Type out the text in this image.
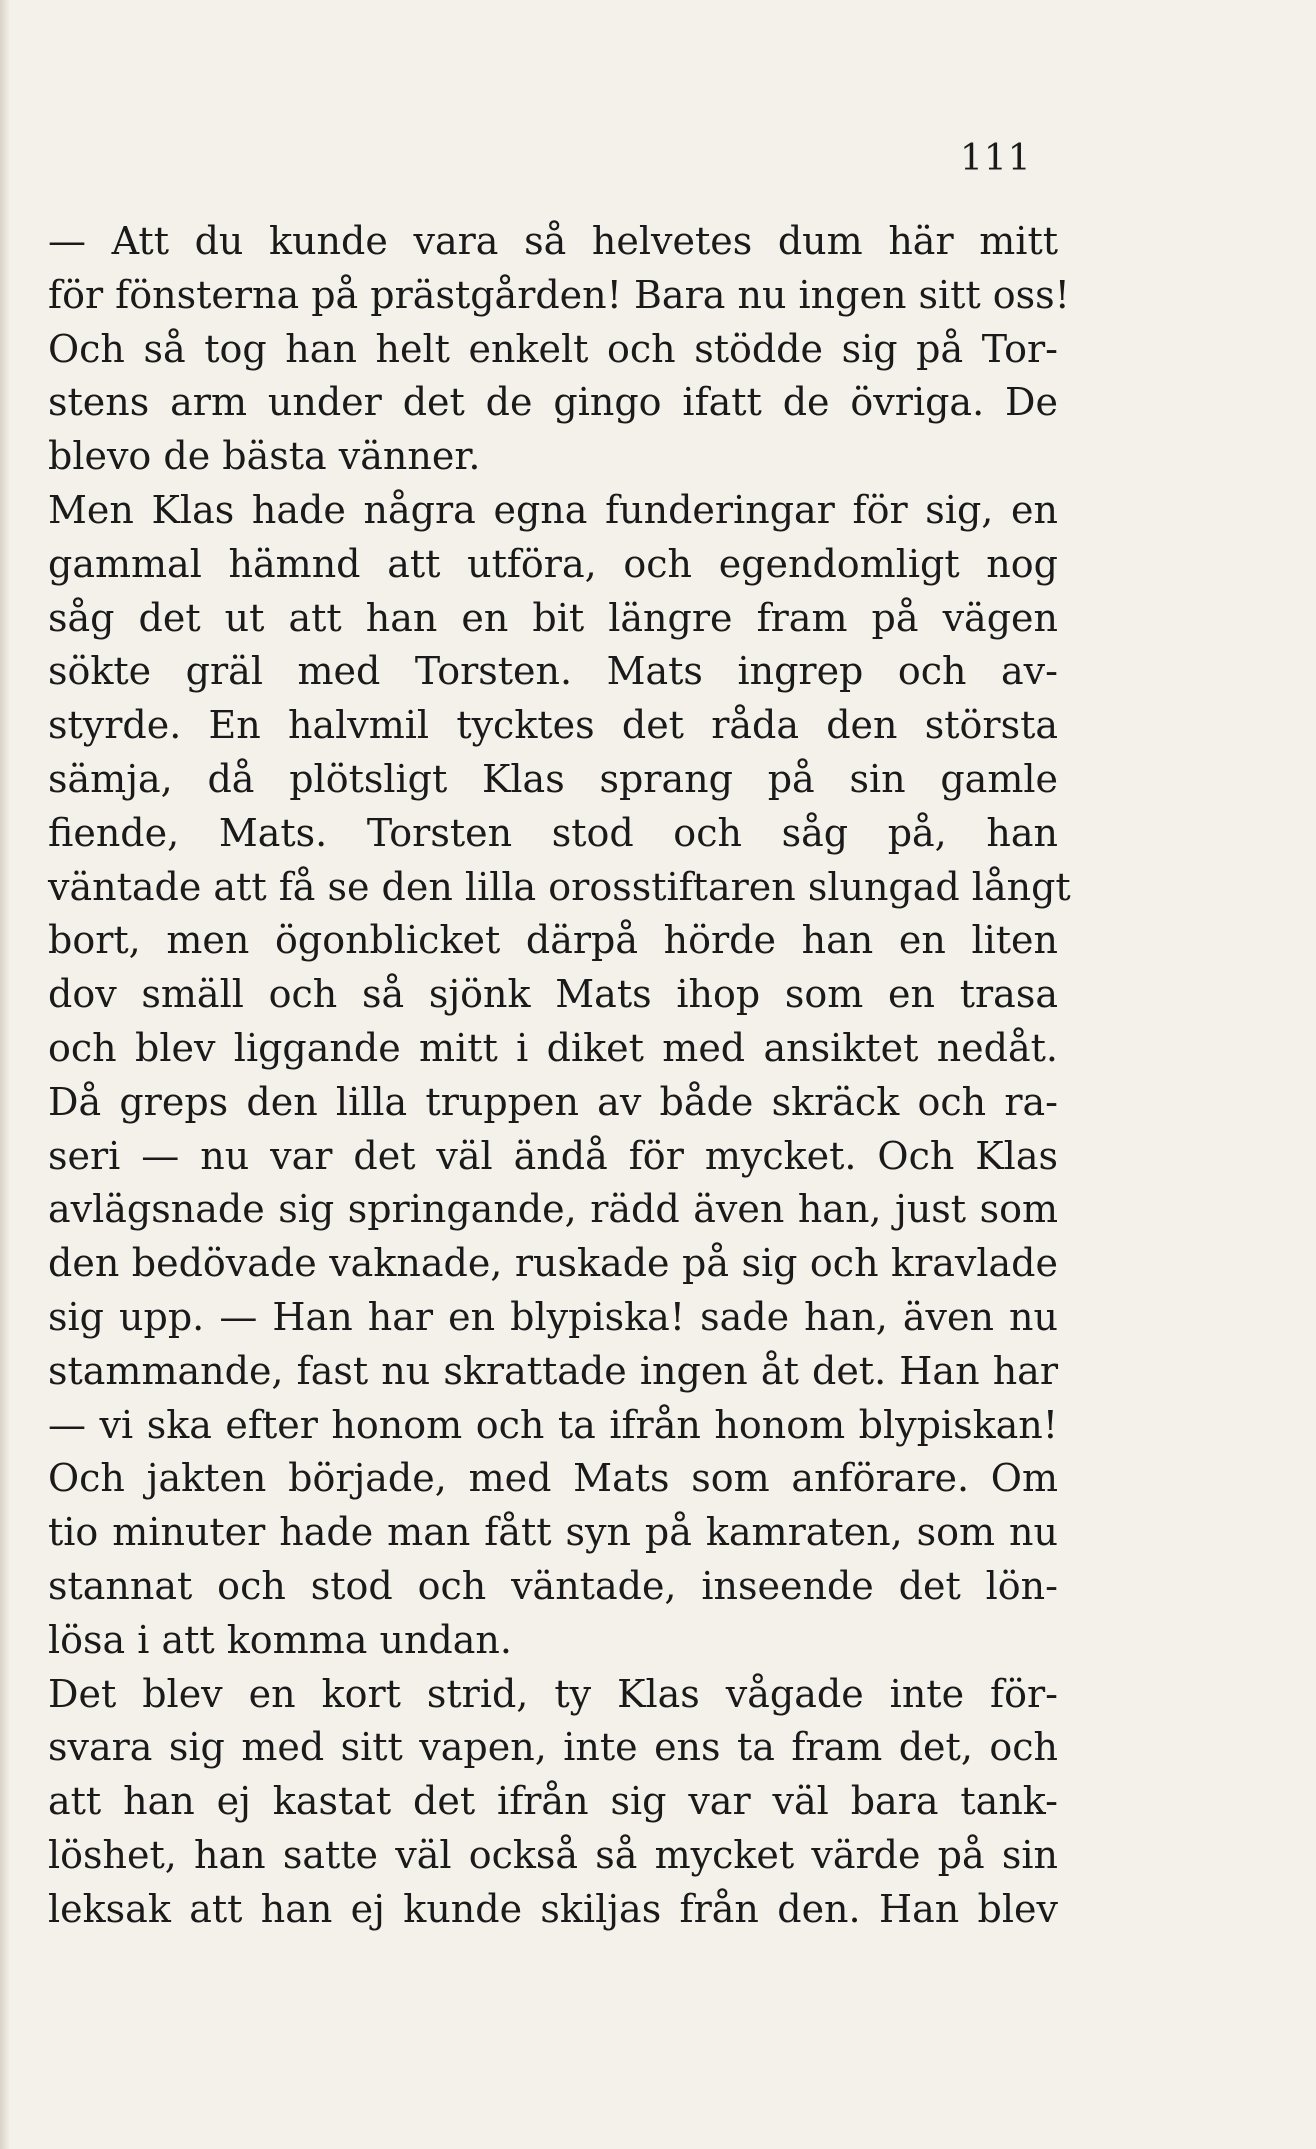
111
— Att du kunde vara så helvetes dum här mitt
för fönsterna på prästgården! Bara nu ingen sitt oss!
Och så tog han helt enkelt och stödde sig på Tor-
stens arm under det de gingo ifatt de övriga. De
blevo de bästa vänner.
Men Klas hade några egna funderingar för sig, en
gammal hämnd att utföra, och egendomligt nog
såg det ut att han en bit längre fram på vägen
sökte gräl med Torsten. Mats ingrep och av-
styrde. En halvmil tycktes det råda den största
sämja, då plötsligt Klas sprang på sin gamle
fiende, Mats. Torsten stod och såg på, han
väntade att få se den lilla orosstiftaren slungad långt
bort, men ögonblicket därpå hörde han en liten
dov smäll och så sjönk Mats ihop som en trasa
och blev liggande mitt i diket med ansiktet nedåt.
Då greps den lilla truppen av både skräck och ra-
seri — nu var det väl ändå för mycket. Och Klas
avlägsnade sig springande, rädd även han, just som
den bedövade vaknade, ruskade på sig och kravlade
sig upp. — Han har en blypiska! sade han, även nu
stammande, fast nu skrattade ingen åt det. Han har
— vi ska efter honom och ta ifrån honom blypiskan!
Och jakten började, med Mats som anförare. Om
tio minuter hade man fått syn på kamraten, som nu
stannat och stod och väntade, inseende det lön-
lösa i att komma undan.
Det blev en kort strid, ty Klas vågade inte för-
svara sig med sitt vapen, inte ens ta fram det, och
att han ej kastat det ifrån sig var väl bara tank-
löshet, han satte väl också så mycket värde på sin
leksak att han ej kunde skiljas från den. Han blev
